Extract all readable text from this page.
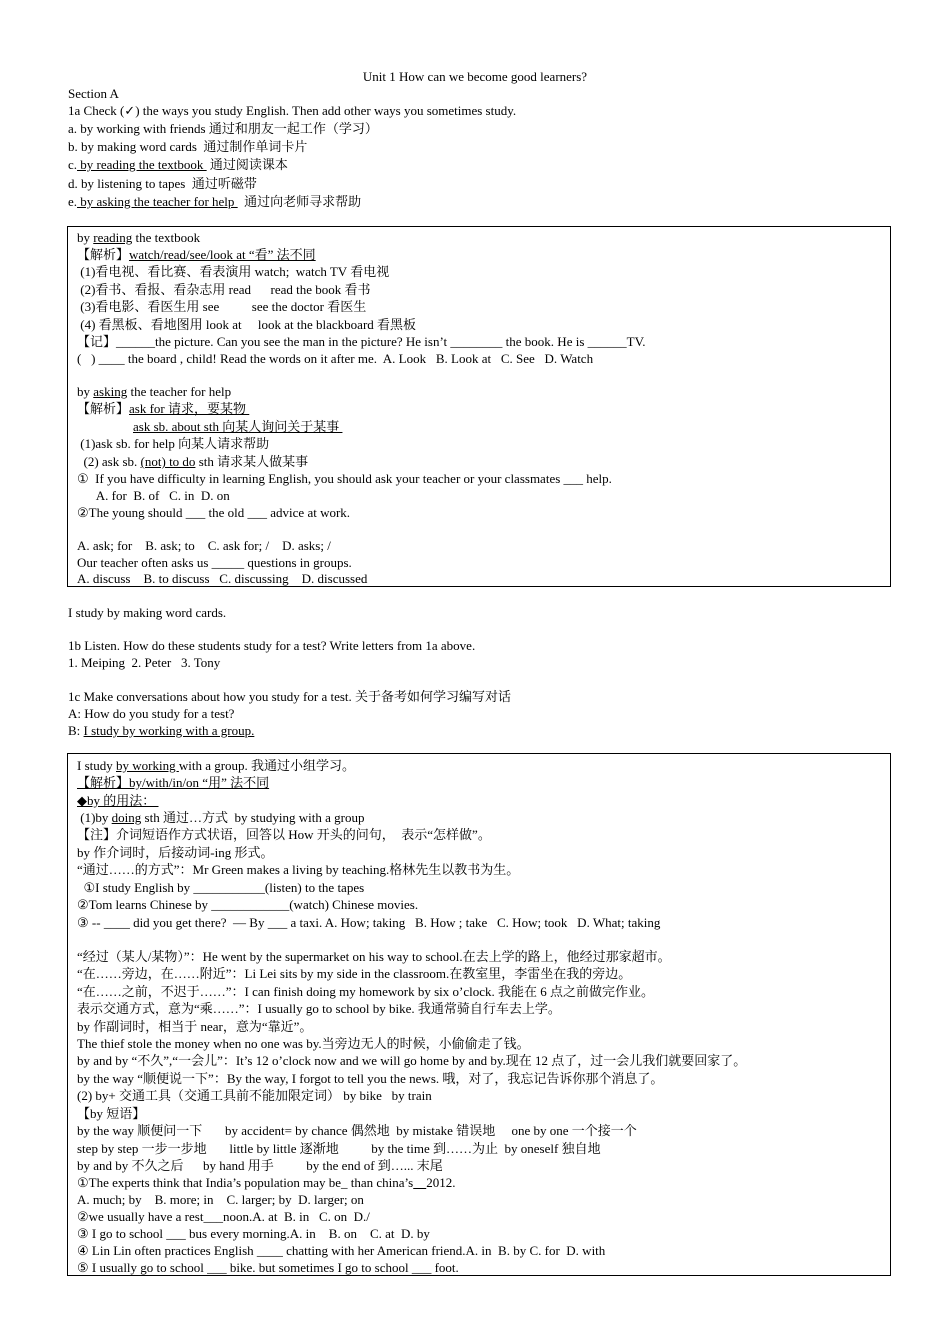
Unit 1 How can we become good learners?
Section A
1a Check (✓) the ways you study English. Then add other ways you sometimes study.
a. by working with friends 通过和朋友一起工作（学习）
b. by making word cards  通过制作单词卡片
c. by reading the textbook  通过阅读课本
d. by listening to tapes  通过听磁带
e. by asking the teacher for help   通过向老师寻求帮助
by reading the textbook
【解析】watch/read/see/look at “看” 法不同
(1)看电视、看比赛、看表演用 watch;  watch TV 看电视
(2)看书、看报、看杂志用 read      read the book 看书
(3)看电影、看医生用 see          see the doctor 看医生
(4) 看黑板、看地图用 look at     look at the blackboard 看黑板
【记】______the picture. Can you see the man in the picture? He isn’t ________ the book. He is ______TV.
(   ) ____ the board , child! Read the words on it after me.  A. Look   B. Look at   C. See   D. Watch
by asking the teacher for help
【解析】ask for 请求，要某物
ask sb. about sth 向某人询问关于某事
(1)ask sb. for help 向某人请求帮助
(2) ask sb. (not) to do sth 请求某人做某事
①  If you have difficulty in learning English, you should ask your teacher or your classmates ___ help.
A. for  B. of   C. in  D. on
②The young should ___ the old ___ advice at work.
A. ask; for    B. ask; to    C. ask for; /    D. asks; /
Our teacher often asks us _____ questions in groups.
A. discuss    B. to discuss   C. discussing    D. discussed
I study by making word cards.
1b Listen. How do these students study for a test? Write letters from 1a above.
1. Meiping  2. Peter   3. Tony
1c Make conversations about how you study for a test. 关于备考如何学习编写对话
A: How do you study for a test?
B: I study by working with a group.
I study by working with a group. 我通过小组学习。
【解析】by/with/in/on “用” 法不同
◆by 的用法：
(1)by doing sth 通过…方式  by studying with a group
【注】介词短语作方式状语，回答以 How 开头的问句，  表示“怎样做”。
by 作介词时，后接动词-ing 形式。
“通过……的方式”：Mr Green makes a living by teaching.格林先生以教书为生。
①I study English by ___________(listen) to the tapes
②Tom learns Chinese by ____________(watch) Chinese movies.
③ -- ____ did you get there?  — By ___ a taxi. A. How; taking   B. How ; take   C. How; took   D. What; taking
“经过（某人/某物）”：He went by the supermarket on his way to school.在去上学的路上，他经过那家超市。
“在……旁边，在……附近”：Li Lei sits by my side in the classroom.在教室里，李雷坐在我的旁边。
“在……之前，不迟于……”：I can finish doing my homework by six o’clock. 我能在 6 点之前做完作业。
表示交通方式，意为“乘……”：I usually go to school by bike. 我通常骑自行车去上学。
by 作副词时，相当于 near，意为“靠近”。
The thief stole the money when no one was by.当旁边无人的时候，小偷偷走了钱。
by and by “不久”,“一会儿”：It’s 12 o’clock now and we will go home by and by.现在 12 点了，过一会儿我们就要回家了。
by the way “顺便说一下”：By the way, I forgot to tell you the news. 哦，对了，我忘记告诉你那个消息了。
(2) by+ 交通工具（交通工具前不能加限定词） by bike   by train
【by 短语】
by the way 顺便问一下       by accident= by chance 偶然地  by mistake 错误地     one by one 一个接一个
step by step 一步一步地       little by little 逐渐地          by the time 到……为止  by oneself 独自地
by and by 不久之后      by hand 用手          by the end of 到…... 末尾
①The experts think that India’s population may be_ than china’s 2012.
A. much; by    B. more; in    C. larger; by  D. larger; on
②we usually have a rest___noon.A. at  B. in   C. on  D./
③ I go to school ___ bus every morning.A. in    B. on    C. at  D. by
④ Lin Lin often practices English ____ chatting with her American friend.A. in  B. by C. for  D. with
⑤ I usually go to school ___ bike. but sometimes I go to school ___ foot.
